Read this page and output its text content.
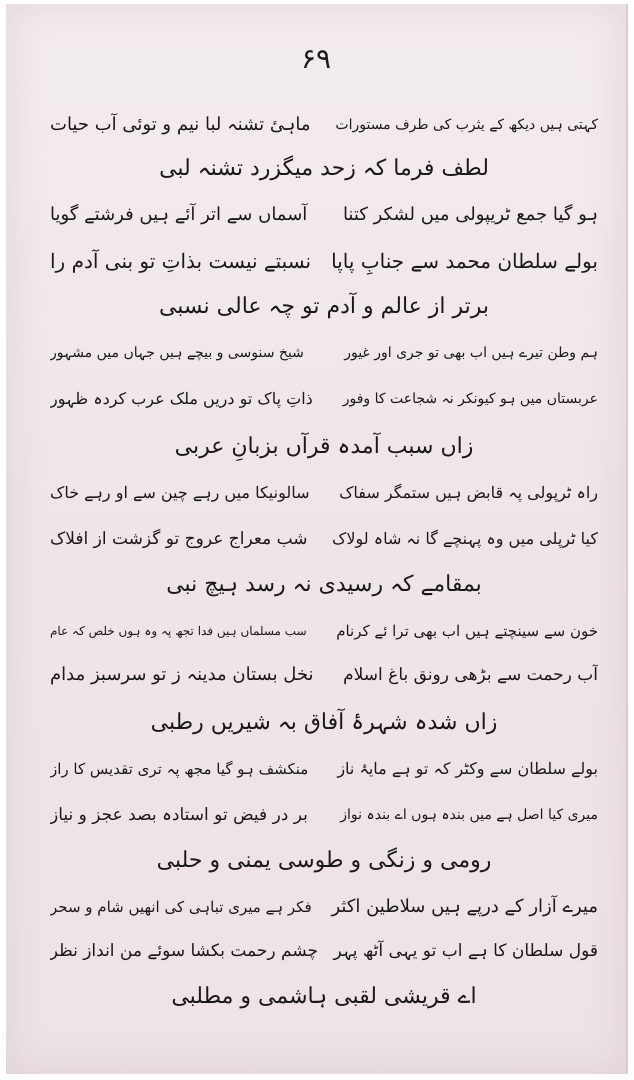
۶۹
کہتی ہیں دیکھ کے یثرب کی طرف مستوراتماہیٔ تشنہ لبا نیم و توئی آب حیات
لطف فرما کہ زحد میگزرد تشنہ لبی
ہو گیا جمع ٹریپولی میں لشکر کتناآسماں سے اتر آئے ہیں فرشتے گویا
بولے سلطان محمد سے جنابِ پاپانسبتے نیست بذاتِ تو بنی آدم را
برتر از عالم و آدم تو چہ عالی نسبی
ہم وطن تیرے ہیں اب بھی تو جری اور غیورشیخ سنوسی و بیچے ہیں جہاں میں مشہور
عربستاں میں ہو کیونکر نہ شجاعت کا وفورذاتِ پاک تو دریں ملک عرب کردہ ظہور
زاں سبب آمدہ قرآں بزبانِ عربی
راہ ٹرپولی پہ قابض ہیں ستمگر سفاکسالونیکا میں رہے چین سے او رہے خاک
کیا ٹرپلی میں وہ پہنچے گا نہ شاہ لولاکشب معراج عروج تو گزشت از افلاک
بمقامے کہ رسیدی نہ رسد ہیچ نبی
خون سے سینچتے ہیں اب بھی ترا ئے کرنامسب مسلماں ہیں فدا تجھ پہ وہ ہوں خلص کہ عام
آب رحمت سے بڑھی رونق باغ اسلامنخل بستان مدینہ ز تو سرسبز مدام
زاں شدہ شہرۂ آفاق بہ شیریں رطبی
بولے سلطان سے وکٹر کہ تو ہے مایۂ نازمنکشف ہو گیا مجھ پہ تری تقدیس کا راز
میری کیا اصل ہے میں بندہ ہوں اے بندہ نوازبر در فیض تو استادہ بصد عجز و نیاز
رومی و زنگی و طوسی یمنی و حلبی
میرے آزار کے درپے ہیں سلاطین اکثرفکر ہے میری تباہی کی انھیں شام و سحر
قول سلطان کا ہے اب تو یہی آٹھ پہرچشم رحمت بکشا سوئے من انداز نظر
اے قریشی لقبی ہاشمی و مطلبی
